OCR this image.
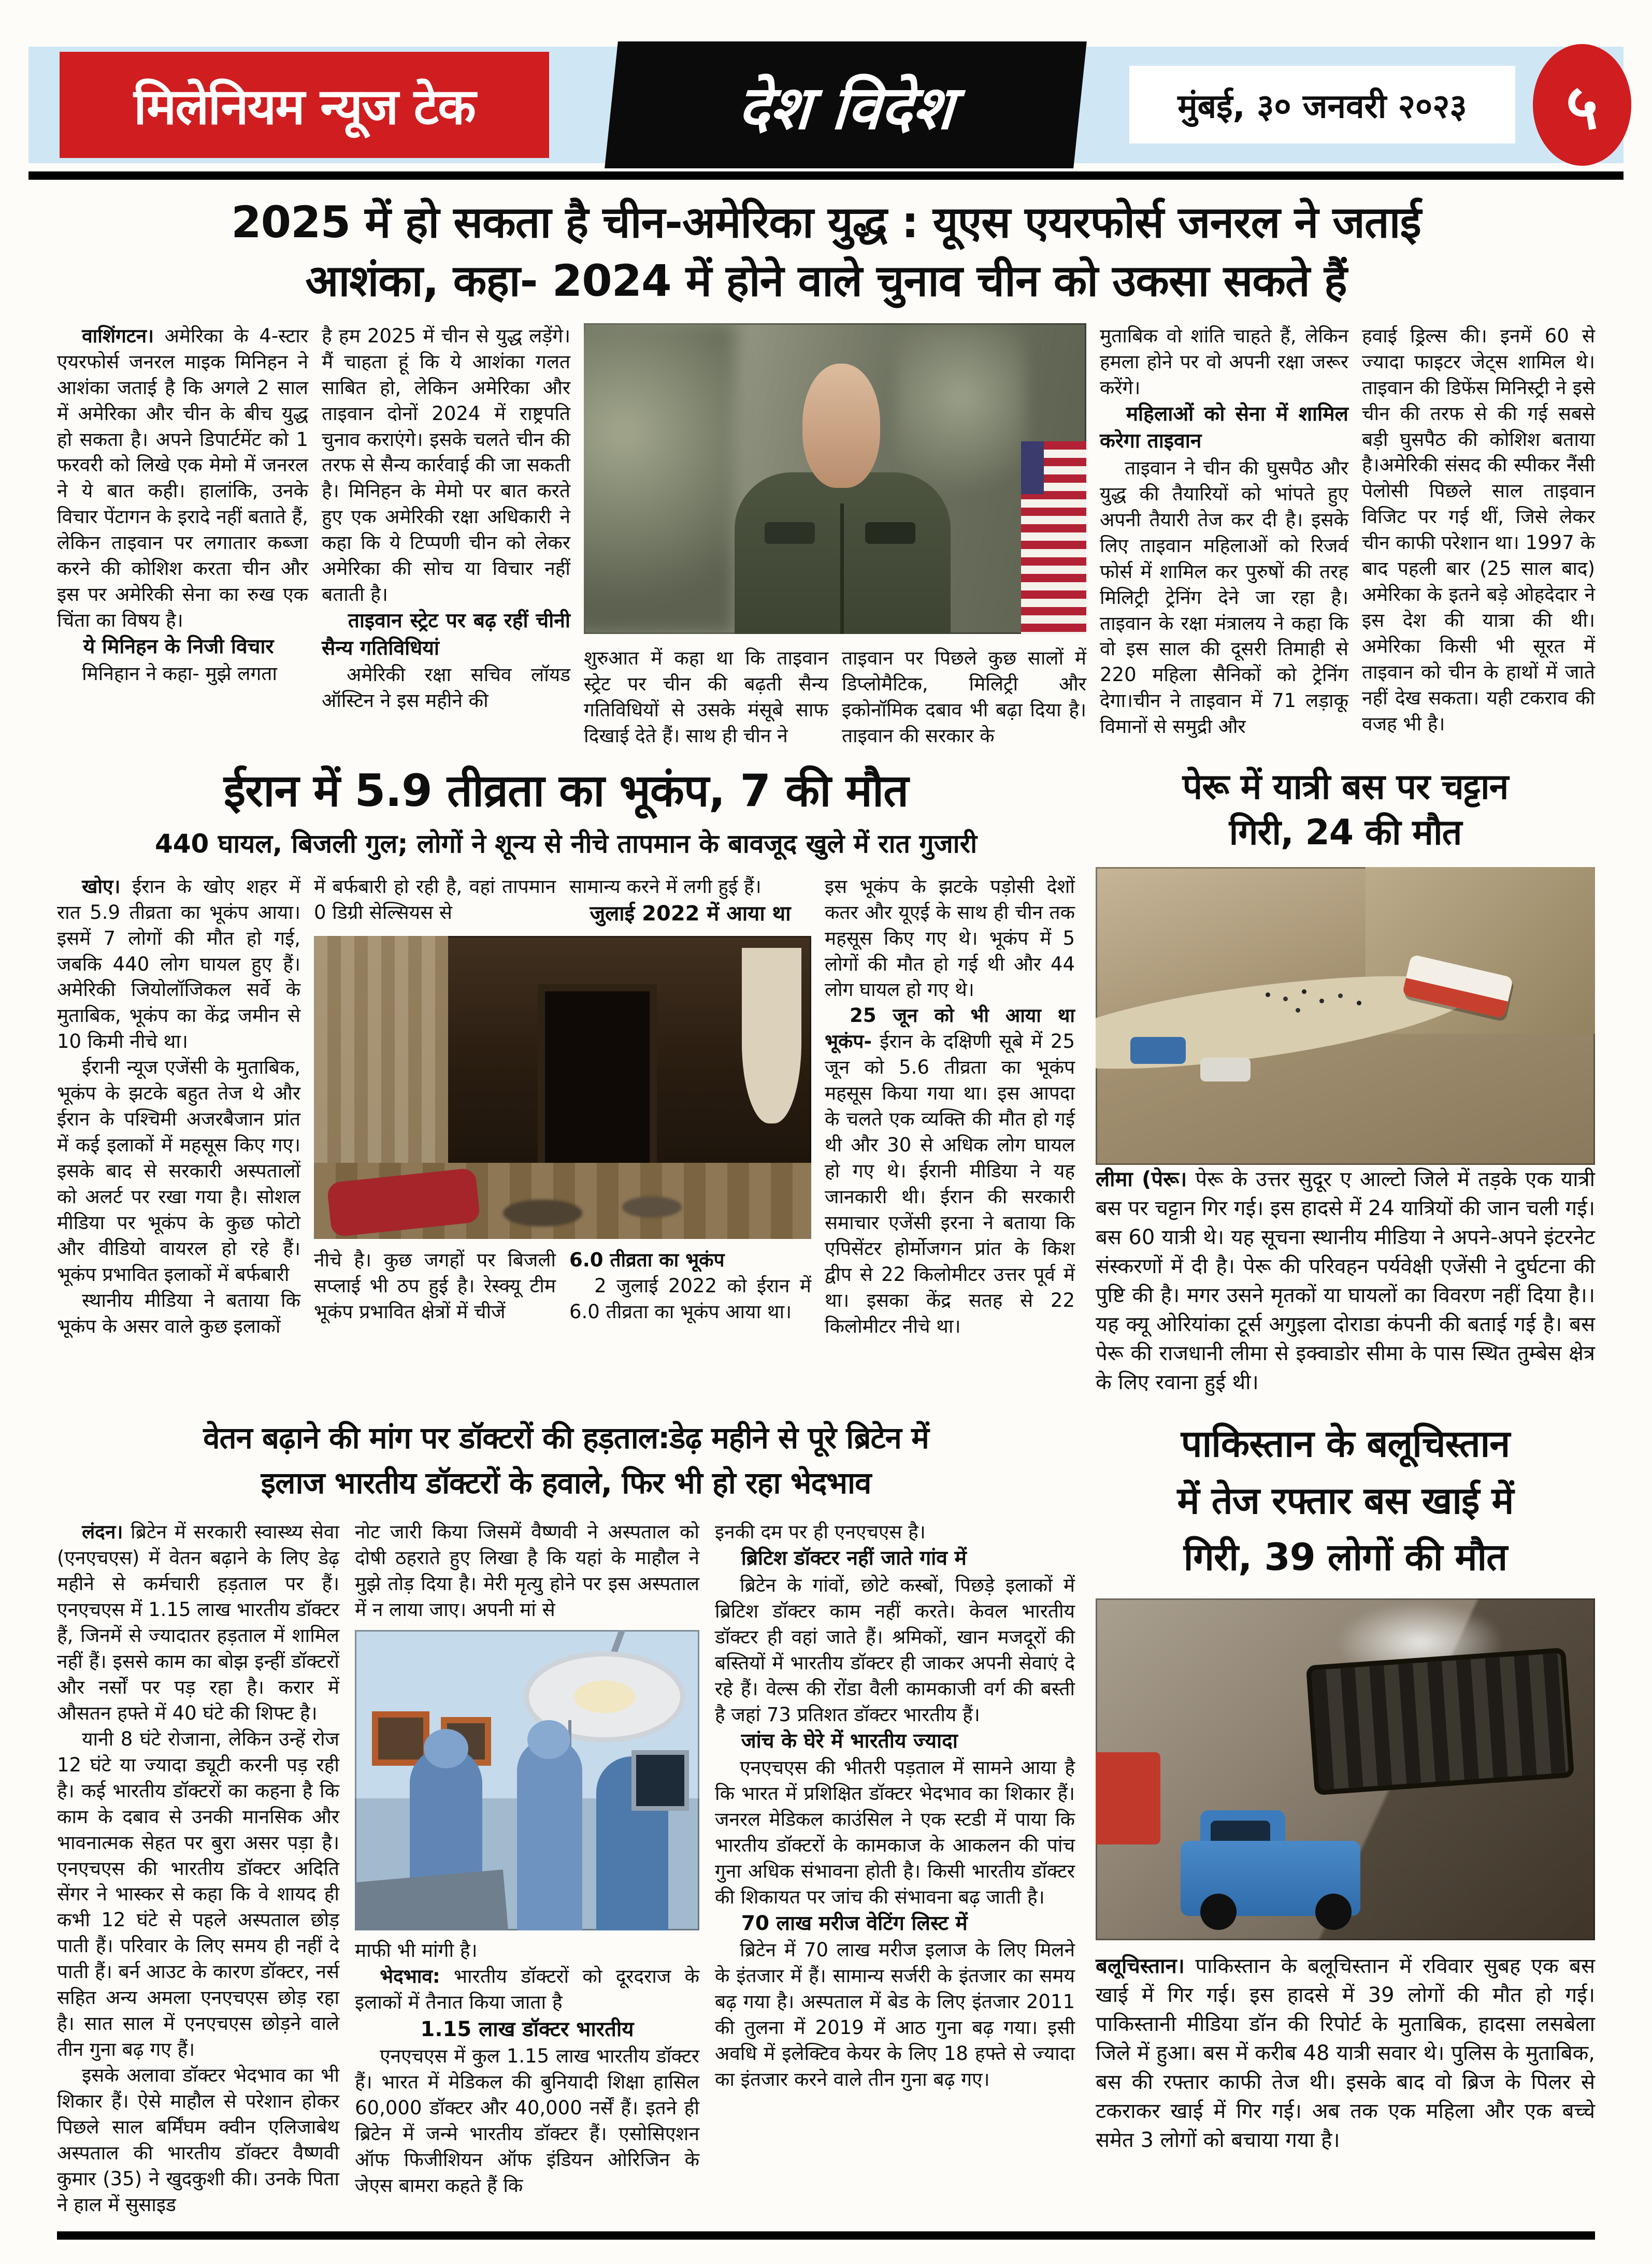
मिलेनियम न्यूज टेक	देश विदेश	मुंबई, ३० जनवरी २०२३ ५
2025 में हो सकता है चीन-अमेरिका युद्ध : यूएस एयरफोर्स जनरल ने जताई
आशंका, कहा- 2024 में होने वाले चुनाव चीन को उकसा सकते हैं

वाशिंगटन। अमेरिका के 4-स्टार एयरफोर्स जनरल माइक मिनिहन ने आशंका जताई है कि अगले 2 साल में अमेरिका और चीन के बीच युद्ध हो सकता है। अपने डिपार्टमेंट को 1 फरवरी को लिखे एक मेमो में जनरल ने ये बात कही। हालांकि, उनके विचार पेंटागन के इरादे नहीं बताते हैं, लेकिन ताइवान पर लगातार कब्जा करने की कोशिश करता चीन और इस पर अमेरिकी सेना का रुख एक चिंता का विषय है।

ये मिनिहन के निजी विचार

मिनिहान ने कहा- मुझे लगता

है हम 2025 में चीन से युद्ध लड़ेंगे। मैं चाहता हूं कि ये आशंका गलत साबित हो, लेकिन अमेरिका और ताइवान दोनों 2024 में राष्ट्रपति चुनाव कराएंगे। इसके चलते चीन की तरफ से सैन्य कार्रवाई की जा सकती है। मिनिहन के मेमो पर बात करते हुए एक अमेरिकी रक्षा अधिकारी ने कहा कि ये टिप्पणी चीन को लेकर अमेरिका की सोच या विचार नहीं बताती है।

ताइवान स्ट्रेट पर बढ़ रहीं चीनी सैन्य गतिविधियां

अमेरिकी रक्षा सचिव लॉयड ऑस्टिन ने इस महीने की

शुरुआत में कहा था कि ताइवान स्ट्रेट पर चीन की बढ़ती सैन्य गतिविधियों से उसके मंसूबे साफ दिखाई देते हैं। साथ ही चीन ने

ताइवान पर पिछले कुछ सालों में डिप्लोमैटिक, मिलिट्री और इकोनॉमिक दबाव भी बढ़ा दिया है। ताइवान की सरकार के

मुताबिक वो शांति चाहते हैं, लेकिन हमला होने पर वो अपनी रक्षा जरूर करेंगे।

महिलाओं को सेना में शामिल करेगा ताइवान

ताइवान ने चीन की घुसपैठ और युद्ध की तैयारियों को भांपते हुए अपनी तैयारी तेज कर दी है। इसके लिए ताइवान महिलाओं को रिजर्व फोर्स में शामिल कर पुरुषों की तरह मिलिट्री ट्रेनिंग देने जा रहा है। ताइवान के रक्षा मंत्रालय ने कहा कि वो इस साल की दूसरी तिमाही से 220 महिला सैनिकों को ट्रेनिंग देगा।चीन ने ताइवान में 71 लड़ाकू विमानों से समुद्री और

हवाई ड्रिल्स की। इनमें 60 से ज्यादा फाइटर जेट्स शामिल थे। ताइवान की डिफेंस मिनिस्ट्री ने इसे चीन की तरफ से की गई सबसे बड़ी घुसपैठ की कोशिश बताया है।अमेरिकी संसद की स्पीकर नैंसी पेलोसी पिछले साल ताइवान विजिट पर गई थीं, जिसे लेकर चीन काफी परेशान था। 1997 के बाद पहली बार (25 साल बाद) अमेरिका के इतने बड़े ओहदेदार ने इस देश की यात्रा की थी। अमेरिका किसी भी सूरत में ताइवान को चीन के हाथों में जाते नहीं देख सकता। यही टकराव की वजह भी है।

ईरान में 5.9 तीव्रता का भूकंप, 7 की मौत
440 घायल, बिजली गुल; लोगों ने शून्य से नीचे तापमान के बावजूद खुले में रात गुजारी

खोए। ईरान के खोए शहर में रात 5.9 तीव्रता का भूकंप आया। इसमें 7 लोगों की मौत हो गई, जबकि 440 लोग घायल हुए हैं। अमेरिकी जियोलॉजिकल सर्वे के मुताबिक, भूकंप का केंद्र जमीन से 10 किमी नीचे था।

ईरानी न्यूज एजेंसी के मुताबिक, भूकंप के झटके बहुत तेज थे और ईरान के पश्चिमी अजरबैजान प्रांत में कई इलाकों में महसूस किए गए। इसके बाद से सरकारी अस्पतालों को अलर्ट पर रखा गया है। सोशल मीडिया पर भूकंप के कुछ फोटो और वीडियो वायरल हो रहे हैं। भूकंप प्रभावित इलाकों में बर्फबारी

स्थानीय मीडिया ने बताया कि भूकंप के असर वाले कुछ इलाकों

में बर्फबारी हो रही है, वहां तापमान 0 डिग्री सेल्सियस से

सामान्य करने में लगी हुई हैं।

जुलाई 2022 में आया था

नीचे है। कुछ जगहों पर बिजली सप्लाई भी ठप हुई है। रेस्क्यू टीम भूकंप प्रभावित क्षेत्रों में चीजें

6.0 तीव्रता का भूकंप

2 जुलाई 2022 को ईरान में 6.0 तीव्रता का भूकंप आया था।

इस भूकंप के झटके पड़ोसी देशों कतर और यूएई के साथ ही चीन तक महसूस किए गए थे। भूकंप में 5 लोगों की मौत हो गई थी और 44 लोग घायल हो गए थे।

25 जून को भी आया था भूकंप- ईरान के दक्षिणी सूबे में 25 जून को 5.6 तीव्रता का भूकंप महसूस किया गया था। इस आपदा के चलते एक व्यक्ति की मौत हो गई थी और 30 से अधिक लोग घायल हो गए थे। ईरानी मीडिया ने यह जानकारी थी। ईरान की सरकारी समाचार एजेंसी इरना ने बताया कि एपिसेंटर होर्मोजगन प्रांत के किश द्वीप से 22 किलोमीटर उत्तर पूर्व में था। इसका केंद्र सतह से 22 किलोमीटर नीचे था।

पेरू में यात्री बस पर चट्टान
गिरी, 24 की मौत

लीमा (पेरू। पेरू के उत्तर सुदूर ए आल्टो जिले में तड़के एक यात्री बस पर चट्टान गिर गई। इस हादसे में 24 यात्रियों की जान चली गई। बस 60 यात्री थे। यह सूचना स्थानीय मीडिया ने अपने-अपने इंटरनेट संस्करणों में दी है। पेरू की परिवहन पर्यवेक्षी एजेंसी ने दुर्घटना की पुष्टि की है। मगर उसने मृतकों या घायलों का विवरण नहीं दिया है।। यह क्यू ओरियांका टूर्स अगुइला दोराडा कंपनी की बताई गई है। बस पेरू की राजधानी लीमा से इक्वाडोर सीमा के पास स्थित तुम्बेस क्षेत्र के लिए रवाना हुई थी।

वेतन बढ़ाने की मांग पर डॉक्टरों की हड़ताल:डेढ़ महीने से पूरे ब्रिटेन में
इलाज भारतीय डॉक्टरों के हवाले, फिर भी हो रहा भेदभाव

लंदन। ब्रिटेन में सरकारी स्वास्थ्य सेवा (एनएचएस) में वेतन बढ़ाने के लिए डेढ़ महीने से कर्मचारी हड़ताल पर हैं। एनएचएस में 1.15 लाख भारतीय डॉक्टर हैं, जिनमें से ज्यादातर हड़ताल में शामिल नहीं हैं। इससे काम का बोझ इन्हीं डॉक्टरों और नर्सों पर पड़ रहा है। करार में औसतन हफ्ते में 40 घंटे की शिफ्ट है।

यानी 8 घंटे रोजाना, लेकिन उन्हें रोज 12 घंटे या ज्यादा ड्यूटी करनी पड़ रही है। कई भारतीय डॉक्टरों का कहना है कि काम के दबाव से उनकी मानसिक और भावनात्मक सेहत पर बुरा असर पड़ा है। एनएचएस की भारतीय डॉक्टर अदिति सेंगर ने भास्कर से कहा कि वे शायद ही कभी 12 घंटे से पहले अस्पताल छोड़ पाती हैं। परिवार के लिए समय ही नहीं दे पाती हैं। बर्न आउट के कारण डॉक्टर, नर्स सहित अन्य अमला एनएचएस छोड़ रहा है। सात साल में एनएचएस छोड़ने वाले तीन गुना बढ़ गए हैं।

इसके अलावा डॉक्टर भेदभाव का भी शिकार हैं। ऐसे माहौल से परेशान होकर पिछले साल बर्मिंघम क्वीन एलिजाबेथ अस्पताल की भारतीय डॉक्टर वैष्णवी कुमार (35) ने खुदकुशी की। उनके पिता ने हाल में सुसाइड

नोट जारी किया जिसमें वैष्णवी ने अस्पताल को दोषी ठहराते हुए लिखा है कि यहां के माहौल ने मुझे तोड़ दिया है। मेरी मृत्यु होने पर इस अस्पताल में न लाया जाए। अपनी मां से

माफी भी मांगी है।

भेदभाव: भारतीय डॉक्टरों को दूरदराज के इलाकों में तैनात किया जाता है

1.15 लाख डॉक्टर भारतीय

एनएचएस में कुल 1.15 लाख भारतीय डॉक्टर हैं। भारत में मेडिकल की बुनियादी शिक्षा हासिल 60,000 डॉक्टर और 40,000 नर्सें हैं। इतने ही ब्रिटेन में जन्मे भारतीय डॉक्टर हैं। एसोसिएशन ऑफ फिजीशियन ऑफ इंडियन ओरिजिन के जेएस बामरा कहते हैं कि

इनकी दम पर ही एनएचएस है।

ब्रिटिश डॉक्टर नहीं जाते गांव में

ब्रिटेन के गांवों, छोटे कस्बों, पिछड़े इलाकों में ब्रिटिश डॉक्टर काम नहीं करते। केवल भारतीय डॉक्टर ही वहां जाते हैं। श्रमिकों, खान मजदूरों की बस्तियों में भारतीय डॉक्टर ही जाकर अपनी सेवाएं दे रहे हैं। वेल्स की रोंडा वैली कामकाजी वर्ग की बस्ती है जहां 73 प्रतिशत डॉक्टर भारतीय हैं।

जांच के घेरे में भारतीय ज्यादा

एनएचएस की भीतरी पड़ताल में सामने आया है कि भारत में प्रशिक्षित डॉक्टर भेदभाव का शिकार हैं। जनरल मेडिकल काउंसिल ने एक स्टडी में पाया कि भारतीय डॉक्टरों के कामकाज के आकलन की पांच गुना अधिक संभावना होती है। किसी भारतीय डॉक्टर की शिकायत पर जांच की संभावना बढ़ जाती है।

70 लाख मरीज वेटिंग लिस्ट में

ब्रिटेन में 70 लाख मरीज इलाज के लिए मिलने के इंतजार में हैं। सामान्य सर्जरी के इंतजार का समय बढ़ गया है। अस्पताल में बेड के लिए इंतजार 2011 की तुलना में 2019 में आठ गुना बढ़ गया। इसी अवधि में इलेक्टिव केयर के लिए 18 हफ्ते से ज्यादा का इंतजार करने वाले तीन गुना बढ़ गए।

पाकिस्तान के बलूचिस्तान
में तेज रफ्तार बस खाई में
गिरी, 39 लोगों की मौत

बलूचिस्तान। पाकिस्तान के बलूचिस्तान में रविवार सुबह एक बस खाई में गिर गई। इस हादसे में 39 लोगों की मौत हो गई। पाकिस्तानी मीडिया डॉन की रिपोर्ट के मुताबिक, हादसा लसबेला जिले में हुआ। बस में करीब 48 यात्री सवार थे। पुलिस के मुताबिक, बस की रफ्तार काफी तेज थी। इसके बाद वो ब्रिज के पिलर से टकराकर खाई में गिर गई। अब तक एक महिला और एक बच्चे समेत 3 लोगों को बचाया गया है।
